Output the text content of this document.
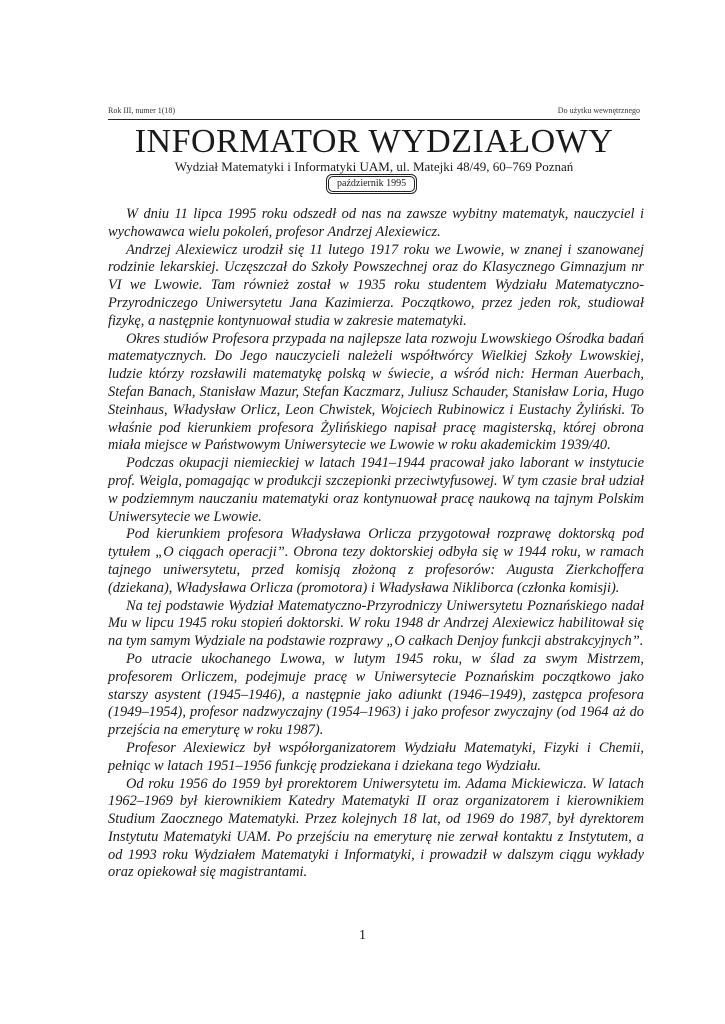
Rok III, numer 1(18)	Do użytku wewnętrznego
INFORMATOR WYDZIAŁOWY
Wydział Matematyki i Informatyki UAM, ul. Matejki 48/49, 60–769 Poznań
październik 1995

W dniu 11 lipca 1995 roku odszedł od nas na zawsze wybitny matematyk, nauczyciel i wychowawca wielu pokoleń, profesor Andrzej Alexiewicz.

Andrzej Alexiewicz urodził się 11 lutego 1917 roku we Lwowie, w znanej i szanowanej rodzinie lekarskiej. Uczęszczał do Szkoły Powszechnej oraz do Klasycznego Gimnazjum nr VI we Lwowie. Tam również został w 1935 roku studentem Wydziału Matematyczno-Przyrodniczego Uniwersytetu Jana Kazimierza. Początkowo, przez jeden rok, studiował fizykę, a następnie kontynuował studia w zakresie matematyki.

Okres studiów Profesora przypada na najlepsze lata rozwoju Lwowskiego Ośrodka badań matematycznych. Do Jego nauczycieli należeli współtwórcy Wielkiej Szkoły Lwowskiej, ludzie którzy rozsławili matematykę polską w świecie, a wśród nich: Herman Auerbach, Stefan Banach, Stanisław Mazur, Stefan Kaczmarz, Juliusz Schauder, Stanisław Loria, Hugo Steinhaus, Władysław Orlicz, Leon Chwistek, Wojciech Rubinowicz i Eustachy Żyliński. To właśnie pod kierunkiem profesora Żylińskiego napisał pracę magisterską, której obrona miała miejsce w Państwowym Uniwersytecie we Lwowie w roku akademickim 1939/40.

Podczas okupacji niemieckiej w latach 1941–1944 pracował jako laborant w instytucie prof. Weigla, pomagając w produkcji szczepionki przeciwtyfusowej. W tym czasie brał udział w podziemnym nauczaniu matematyki oraz kontynuował pracę naukową na tajnym Polskim Uniwersytecie we Lwowie.

Pod kierunkiem profesora Władysława Orlicza przygotował rozprawę doktorską pod tytułem „O ciągach operacji”. Obrona tezy doktorskiej odbyła się w 1944 roku, w ramach tajnego uniwersytetu, przed komisją złożoną z profesorów: Augusta Zierkchoffera (dziekana), Władysława Orlicza (promotora) i Władysława Nikliborca (członka komisji).

Na tej podstawie Wydział Matematyczno-Przyrodniczy Uniwersytetu Poznańskiego nadał Mu w lipcu 1945 roku stopień doktorski. W roku 1948 dr Andrzej Alexiewicz habilitował się na tym samym Wydziale na podstawie rozprawy „O całkach Denjoy funkcji abstrakcyjnych”.

Po utracie ukochanego Lwowa, w lutym 1945 roku, w ślad za swym Mistrzem, profesorem Orliczem, podejmuje pracę w Uniwersytecie Poznańskim początkowo jako starszy asystent (1945–1946), a następnie jako adiunkt (1946–1949), zastępca profesora (1949–1954), profesor nadzwyczajny (1954–1963) i jako profesor zwyczajny (od 1964 aż do przejścia na emeryturę w roku 1987).

Profesor Alexiewicz był współorganizatorem Wydziału Matematyki, Fizyki i Chemii, pełniąc w latach 1951–1956 funkcję prodziekana i dziekana tego Wydziału.

Od roku 1956 do 1959 był prorektorem Uniwersytetu im. Adama Mickiewicza. W latach 1962–1969 był kierownikiem Katedry Matematyki II oraz organizatorem i kierownikiem Studium Zaocznego Matematyki. Przez kolejnych 18 lat, od 1969 do 1987, był dyrektorem Instytutu Matematyki UAM. Po przejściu na emeryturę nie zerwał kontaktu z Instytutem, a od 1993 roku Wydziałem Matematyki i Informatyki, i prowadził w dalszym ciągu wykłady oraz opiekował się magistrantami.

1
